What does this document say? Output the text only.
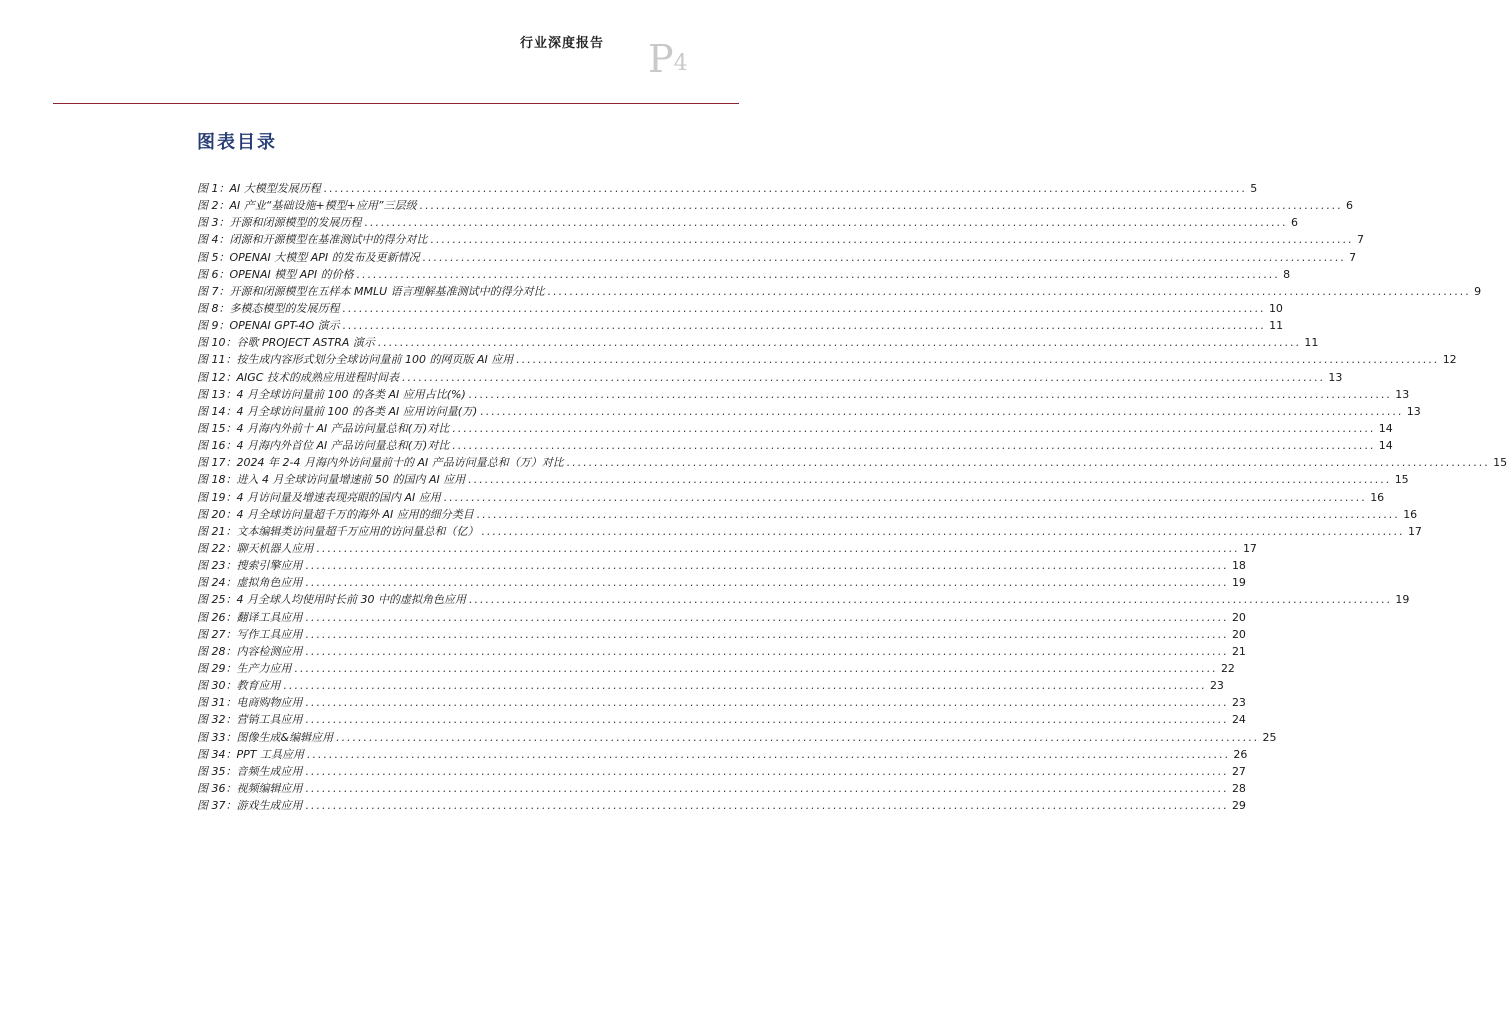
行业深度报告	P4
图表目录
图 1：AI 大模型发展历程 .....	5
图 2：AI 产业“基础设施+模型+应用”三层级 .....	6
图 3：开源和闭源模型的发展历程 .....	6
图 4：闭源和开源模型在基准测试中的得分对比 .....	7
图 5：OPENAI 大模型 API 的发布及更新情况 .....	7
图 6：OPENAI 模型 API 的价格 .....	8
图 7：开源和闭源模型在五样本 MMLU 语言理解基准测试中的得分对比 .....	9
图 8：多模态模型的发展历程 .....	10
图 9：OPENAI GPT-4O 演示 .....	11
图 10：谷歌 PROJECT ASTRA 演示 .....	11
图 11：按生成内容形式划分全球访问量前 100 的网页版 AI 应用 .....	12
图 12：AIGC 技术的成熟应用进程时间表 .....	13
图 13：4 月全球访问量前 100 的各类 AI 应用占比(%) .....	13
图 14：4 月全球访问量前 100 的各类 AI 应用访问量(万) .....	13
图 15：4 月海内外前十 AI 产品访问量总和(万)对比 .....	14
图 16：4 月海内外首位 AI 产品访问量总和(万)对比 .....	14
图 17：2024 年 2-4 月海内外访问量前十的 AI 产品访问量总和（万）对比 .....	15
图 18：进入 4 月全球访问量增速前 50 的国内 AI 应用 .....	15
图 19：4 月访问量及增速表现亮眼的国内 AI 应用 .....	16
图 20：4 月全球访问量超千万的海外 AI 应用的细分类目 .....	16
图 21：文本编辑类访问量超千万应用的访问量总和（亿） .....	17
图 22：聊天机器人应用 .....	17
图 23：搜索引擎应用 .....	18
图 24：虚拟角色应用 .....	19
图 25：4 月全球人均使用时长前 30 中的虚拟角色应用 .....	19
图 26：翻译工具应用 .....	20
图 27：写作工具应用 .....	20
图 28：内容检测应用 .....	21
图 29：生产力应用 .....	22
图 30：教育应用 .....	23
图 31：电商购物应用 .....	23
图 32：营销工具应用 .....	24
图 33：图像生成&编辑应用 .....	25
图 34：PPT 工具应用 .....	26
图 35：音频生成应用 .....	27
图 36：视频编辑应用 .....	28
图 37：游戏生成应用 .....	29
